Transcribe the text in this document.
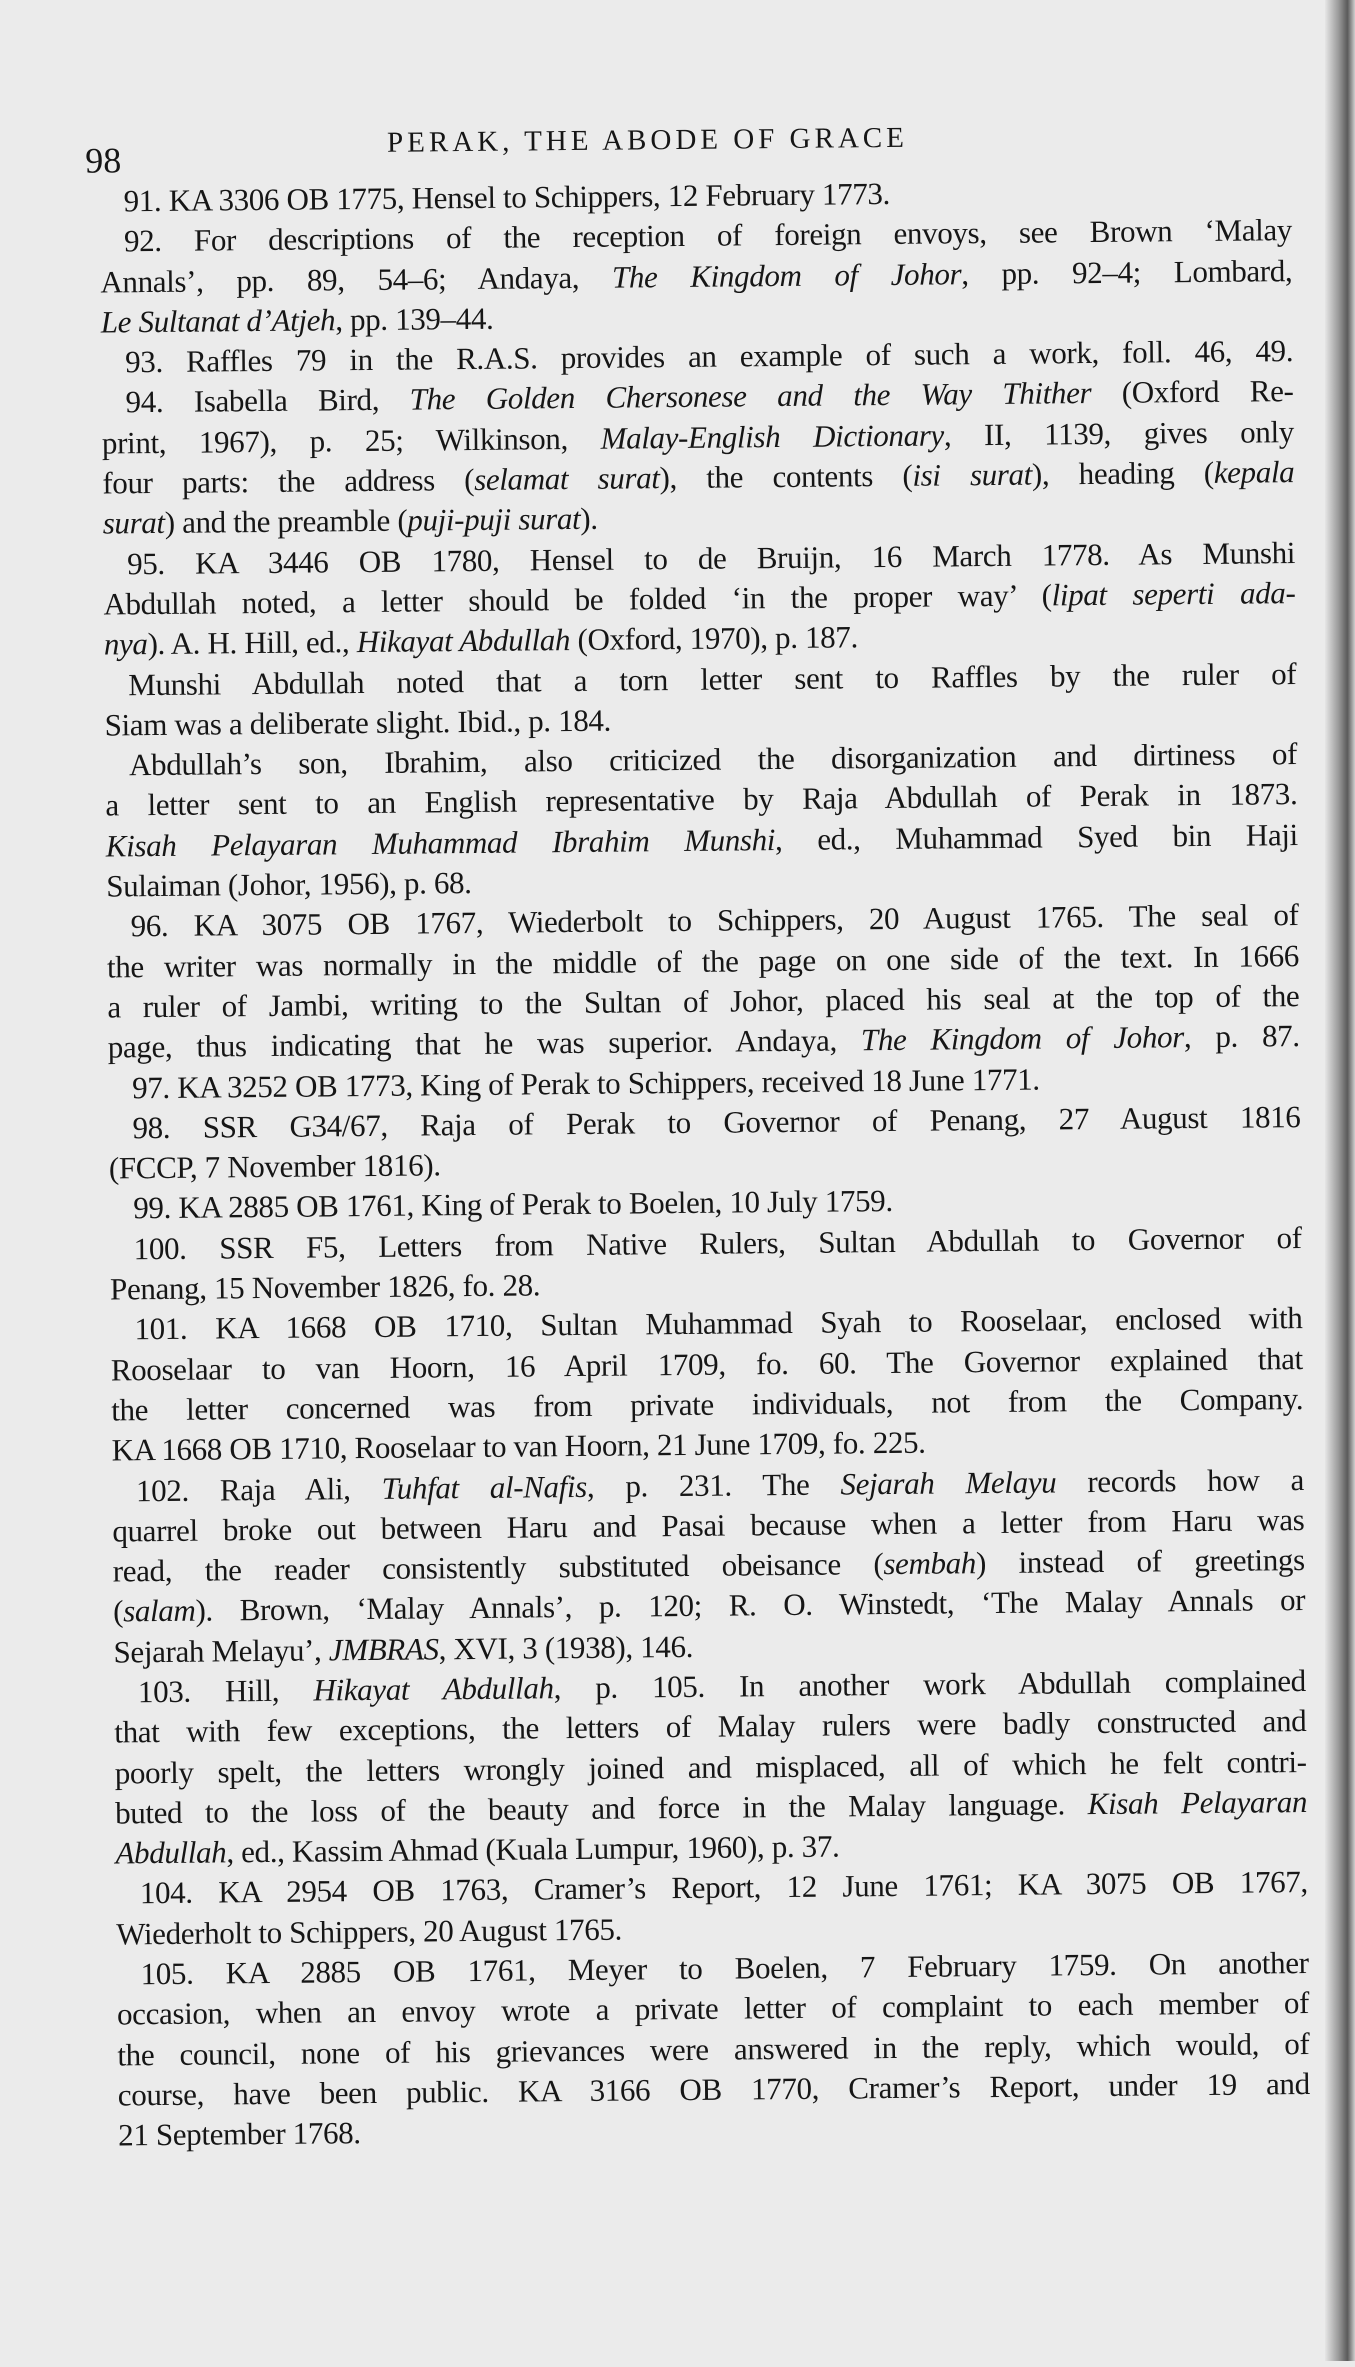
98
PERAK, THE ABODE OF GRACE
91. KA 3306 OB 1775, Hensel to Schippers, 12 February 1773.
92. For descriptions of the reception of foreign envoys, see Brown ‘Malay
Annals’, pp. 89, 54–6; Andaya, The Kingdom of Johor, pp. 92–4; Lombard,
Le Sultanat d’Atjeh, pp. 139–44.
93. Raffles 79 in the R.A.S. provides an example of such a work, foll. 46, 49.
94. Isabella Bird, The Golden Chersonese and the Way Thither (Oxford Re-
print, 1967), p. 25; Wilkinson, Malay-English Dictionary, II, 1139, gives only
four parts: the address (selamat surat), the contents (isi surat), heading (kepala
surat) and the preamble (puji-puji surat).
95. KA 3446 OB 1780, Hensel to de Bruijn, 16 March 1778. As Munshi
Abdullah noted, a letter should be folded ‘in the proper way’ (lipat seperti ada-
nya). A. H. Hill, ed., Hikayat Abdullah (Oxford, 1970), p. 187.
Munshi Abdullah noted that a torn letter sent to Raffles by the ruler of
Siam was a deliberate slight. Ibid., p. 184.
Abdullah’s son, Ibrahim, also criticized the disorganization and dirtiness of
a letter sent to an English representative by Raja Abdullah of Perak in 1873.
Kisah Pelayaran Muhammad Ibrahim Munshi, ed., Muhammad Syed bin Haji
Sulaiman (Johor, 1956), p. 68.
96. KA 3075 OB 1767, Wiederbolt to Schippers, 20 August 1765. The seal of
the writer was normally in the middle of the page on one side of the text. In 1666
a ruler of Jambi, writing to the Sultan of Johor, placed his seal at the top of the
page, thus indicating that he was superior. Andaya, The Kingdom of Johor, p. 87.
97. KA 3252 OB 1773, King of Perak to Schippers, received 18 June 1771.
98. SSR G34/67, Raja of Perak to Governor of Penang, 27 August 1816
(FCCP, 7 November 1816).
99. KA 2885 OB 1761, King of Perak to Boelen, 10 July 1759.
100. SSR F5, Letters from Native Rulers, Sultan Abdullah to Governor of
Penang, 15 November 1826, fo. 28.
101. KA 1668 OB 1710, Sultan Muhammad Syah to Rooselaar, enclosed with
Rooselaar to van Hoorn, 16 April 1709, fo. 60. The Governor explained that
the letter concerned was from private individuals, not from the Company.
KA 1668 OB 1710, Rooselaar to van Hoorn, 21 June 1709, fo. 225.
102. Raja Ali, Tuhfat al-Nafis, p. 231. The Sejarah Melayu records how a
quarrel broke out between Haru and Pasai because when a letter from Haru was
read, the reader consistently substituted obeisance (sembah) instead of greetings
(salam). Brown, ‘Malay Annals’, p. 120; R. O. Winstedt, ‘The Malay Annals or
Sejarah Melayu’, JMBRAS, XVI, 3 (1938), 146.
103. Hill, Hikayat Abdullah, p. 105. In another work Abdullah complained
that with few exceptions, the letters of Malay rulers were badly constructed and
poorly spelt, the letters wrongly joined and misplaced, all of which he felt contri-
buted to the loss of the beauty and force in the Malay language. Kisah Pelayaran
Abdullah, ed., Kassim Ahmad (Kuala Lumpur, 1960), p. 37.
104. KA 2954 OB 1763, Cramer’s Report, 12 June 1761; KA 3075 OB 1767,
Wiederholt to Schippers, 20 August 1765.
105. KA 2885 OB 1761, Meyer to Boelen, 7 February 1759. On another
occasion, when an envoy wrote a private letter of complaint to each member of
the council, none of his grievances were answered in the reply, which would, of
course, have been public. KA 3166 OB 1770, Cramer’s Report, under 19 and
21 September 1768.
